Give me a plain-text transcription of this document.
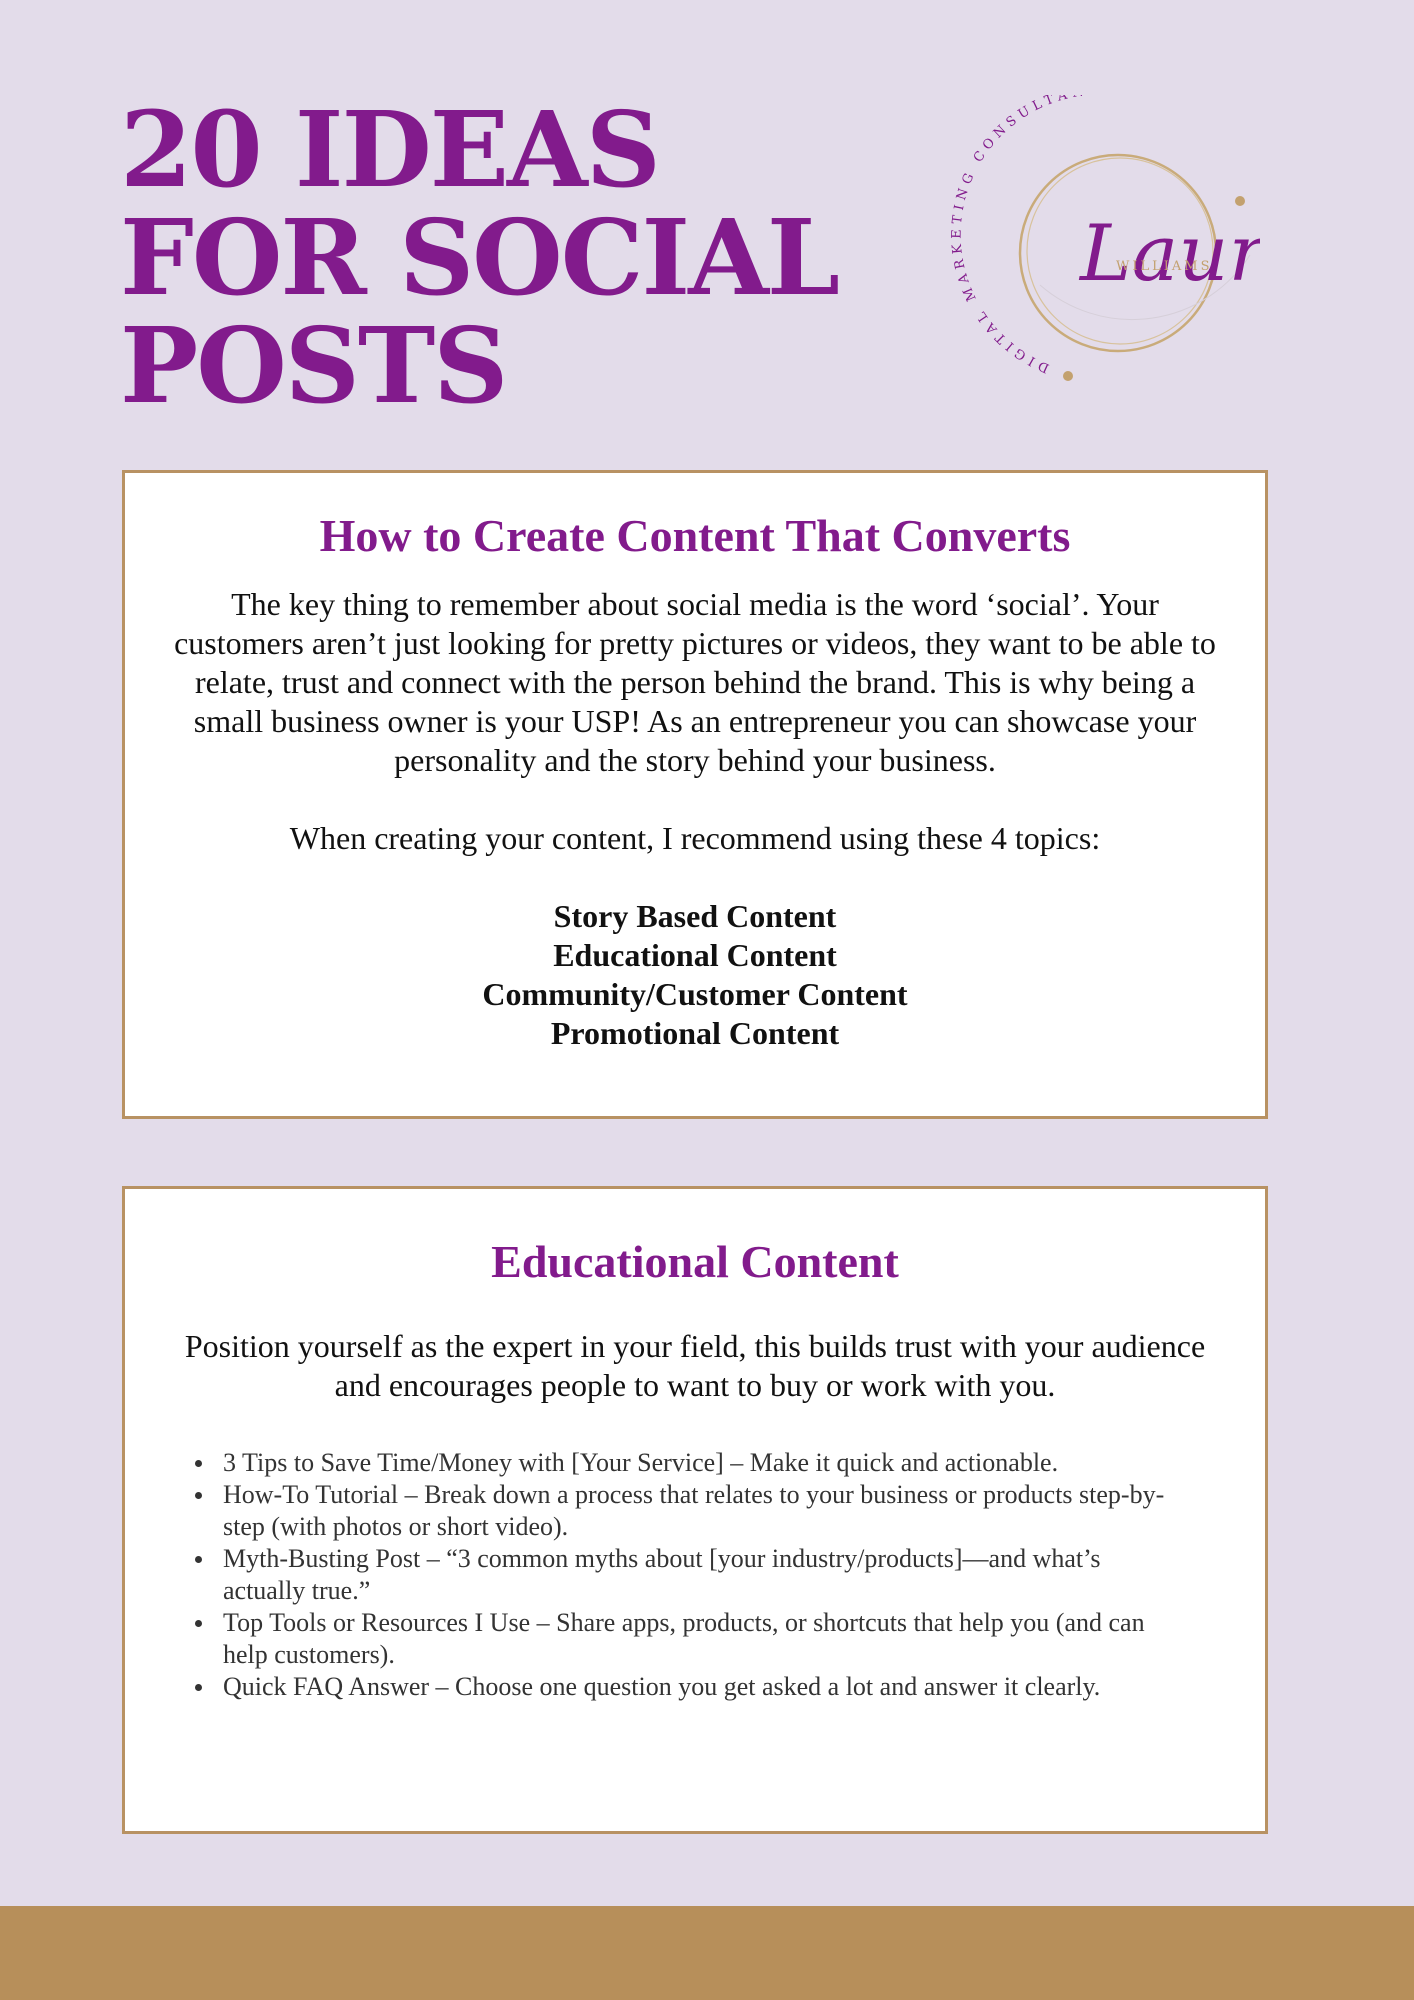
20 IDEAS
FOR SOCIAL
POSTS	DIGITAL MARKETING CONSULTA
Lau
WILLIAMS
How to Create Content That Converts

The key thing to remember about social media is the word ‘social’. Your customers aren’t just looking for pretty pictures or videos, they want to be able to relate, trust and connect with the person behind the brand. This is why being a small business owner is your USP! As an entrepreneur you can showcase your personality and the story behind your business.

When creating your content, I recommend using these 4 topics:

Story Based Content
Educational Content
Community/Customer Content
Promotional Content
Educational Content

Position yourself as the expert in your field, this builds trust with your audience and encourages people to want to buy or work with you.

3 Tips to Save Time/Money with [Your Service] – Make it quick and actionable.
How-To Tutorial – Break down a process that relates to your business or products step-by-step (with photos or short video).
Myth-Busting Post – “3 common myths about [your industry/products]—and what’s actually true.”
Top Tools or Resources I Use – Share apps, products, or shortcuts that help you (and can help customers).
Quick FAQ Answer – Choose one question you get asked a lot and answer it clearly.
